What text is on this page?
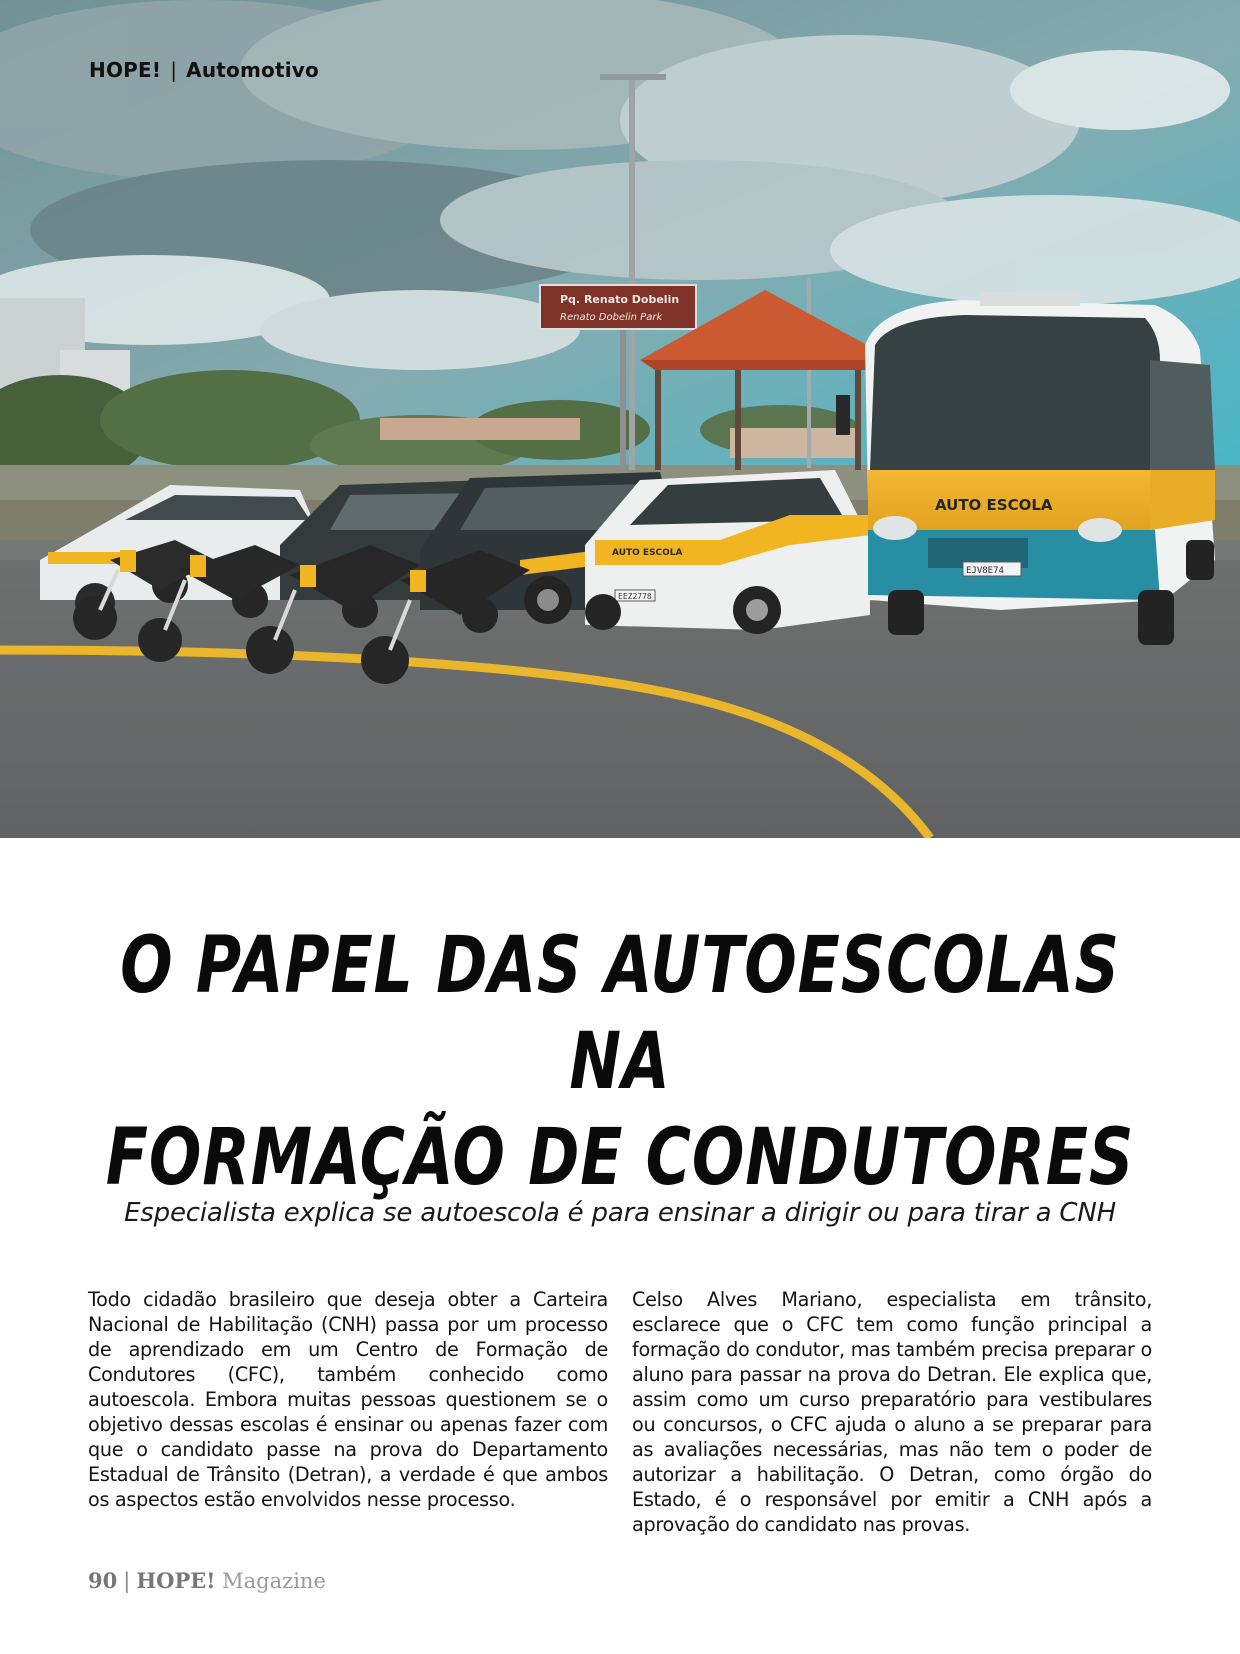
Pq. Renato Dobelin
Renato Dobelin Park
AUTO ESCOLA
EEZ2778
AUTO ESCOLA
EJV8E74
HOPE! | Automotivo
O PAPEL DAS AUTOESCOLAS NA
FORMAÇÃO DE CONDUTORES

Especialista explica se autoescola é para ensinar a dirigir ou para tirar a CNH

Todo cidadão brasileiro que deseja obter a Carteira Nacional de Habilitação (CNH) passa por um processo de aprendizado em um Centro de Formação de Condutores (CFC), também conhecido como autoescola. Embora muitas pessoas questionem se o objetivo dessas escolas é ensinar ou apenas fazer com que o candidato passe na prova do Departamento Estadual de Trânsito (Detran), a verdade é que ambos os aspectos estão envolvidos nesse processo.

Celso Alves Mariano, especialista em trânsito, esclarece que o CFC tem como função principal a formação do condutor, mas também precisa preparar o aluno para passar na prova do Detran. Ele explica que, assim como um curso preparatório para vestibulares ou concursos, o CFC ajuda o aluno a se preparar para as avaliações necessárias, mas não tem o poder de autorizar a habilitação. O Detran, como órgão do Estado, é o responsável por emitir a CNH após a aprovação do candidato nas provas.

90 | HOPE! Magazine
